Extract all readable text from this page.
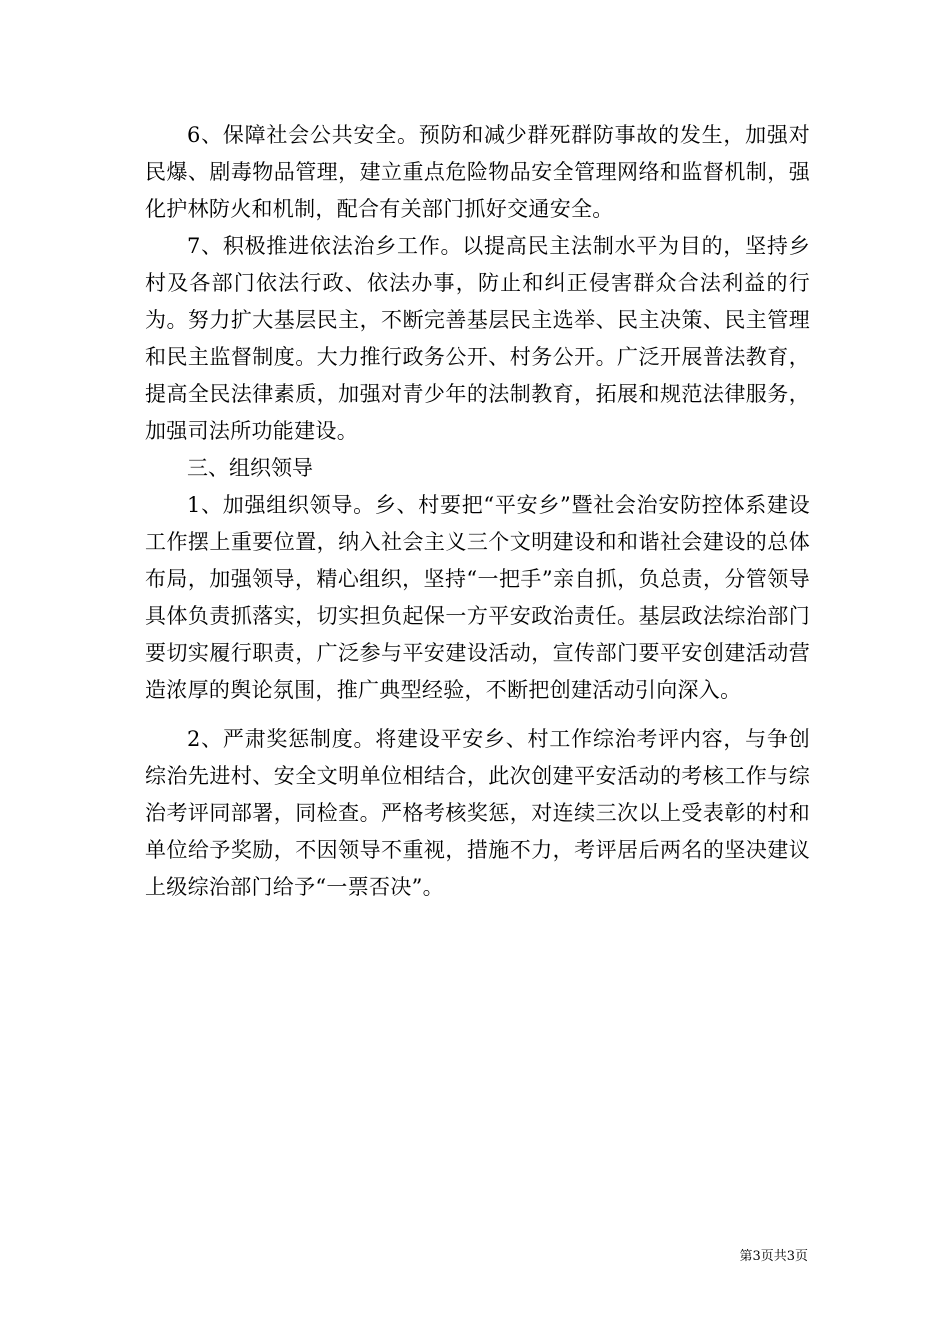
6、保障社会公共安全。预防和减少群死群防事故的发生，加强对民爆、剧毒物品管理，建立重点危险物品安全管理网络和监督机制，强化护林防火和机制，配合有关部门抓好交通安全。

7、积极推进依法治乡工作。以提高民主法制水平为目的，坚持乡村及各部门依法行政、依法办事，防止和纠正侵害群众合法利益的行为。努力扩大基层民主，不断完善基层民主选举、民主决策、民主管理和民主监督制度。大力推行政务公开、村务公开。广泛开展普法教育，提高全民法律素质，加强对青少年的法制教育，拓展和规范法律服务，加强司法所功能建设。

三、组织领导

1、加强组织领导。乡、村要把“平安乡”暨社会治安防控体系建设工作摆上重要位置，纳入社会主义三个文明建设和和谐社会建设的总体布局，加强领导，精心组织，坚持“一把手”亲自抓，负总责，分管领导具体负责抓落实，切实担负起保一方平安政治责任。基层政法综治部门要切实履行职责，广泛参与平安建设活动，宣传部门要平安创建活动营造浓厚的舆论氛围，推广典型经验，不断把创建活动引向深入。

2、严肃奖惩制度。将建设平安乡、村工作综治考评内容，与争创综治先进村、安全文明单位相结合，此次创建平安活动的考核工作与综治考评同部署，同检查。严格考核奖惩，对连续三次以上受表彰的村和单位给予奖励，不因领导不重视，措施不力，考评居后两名的坚决建议上级综治部门给予“一票否决”。

第3页共3页
